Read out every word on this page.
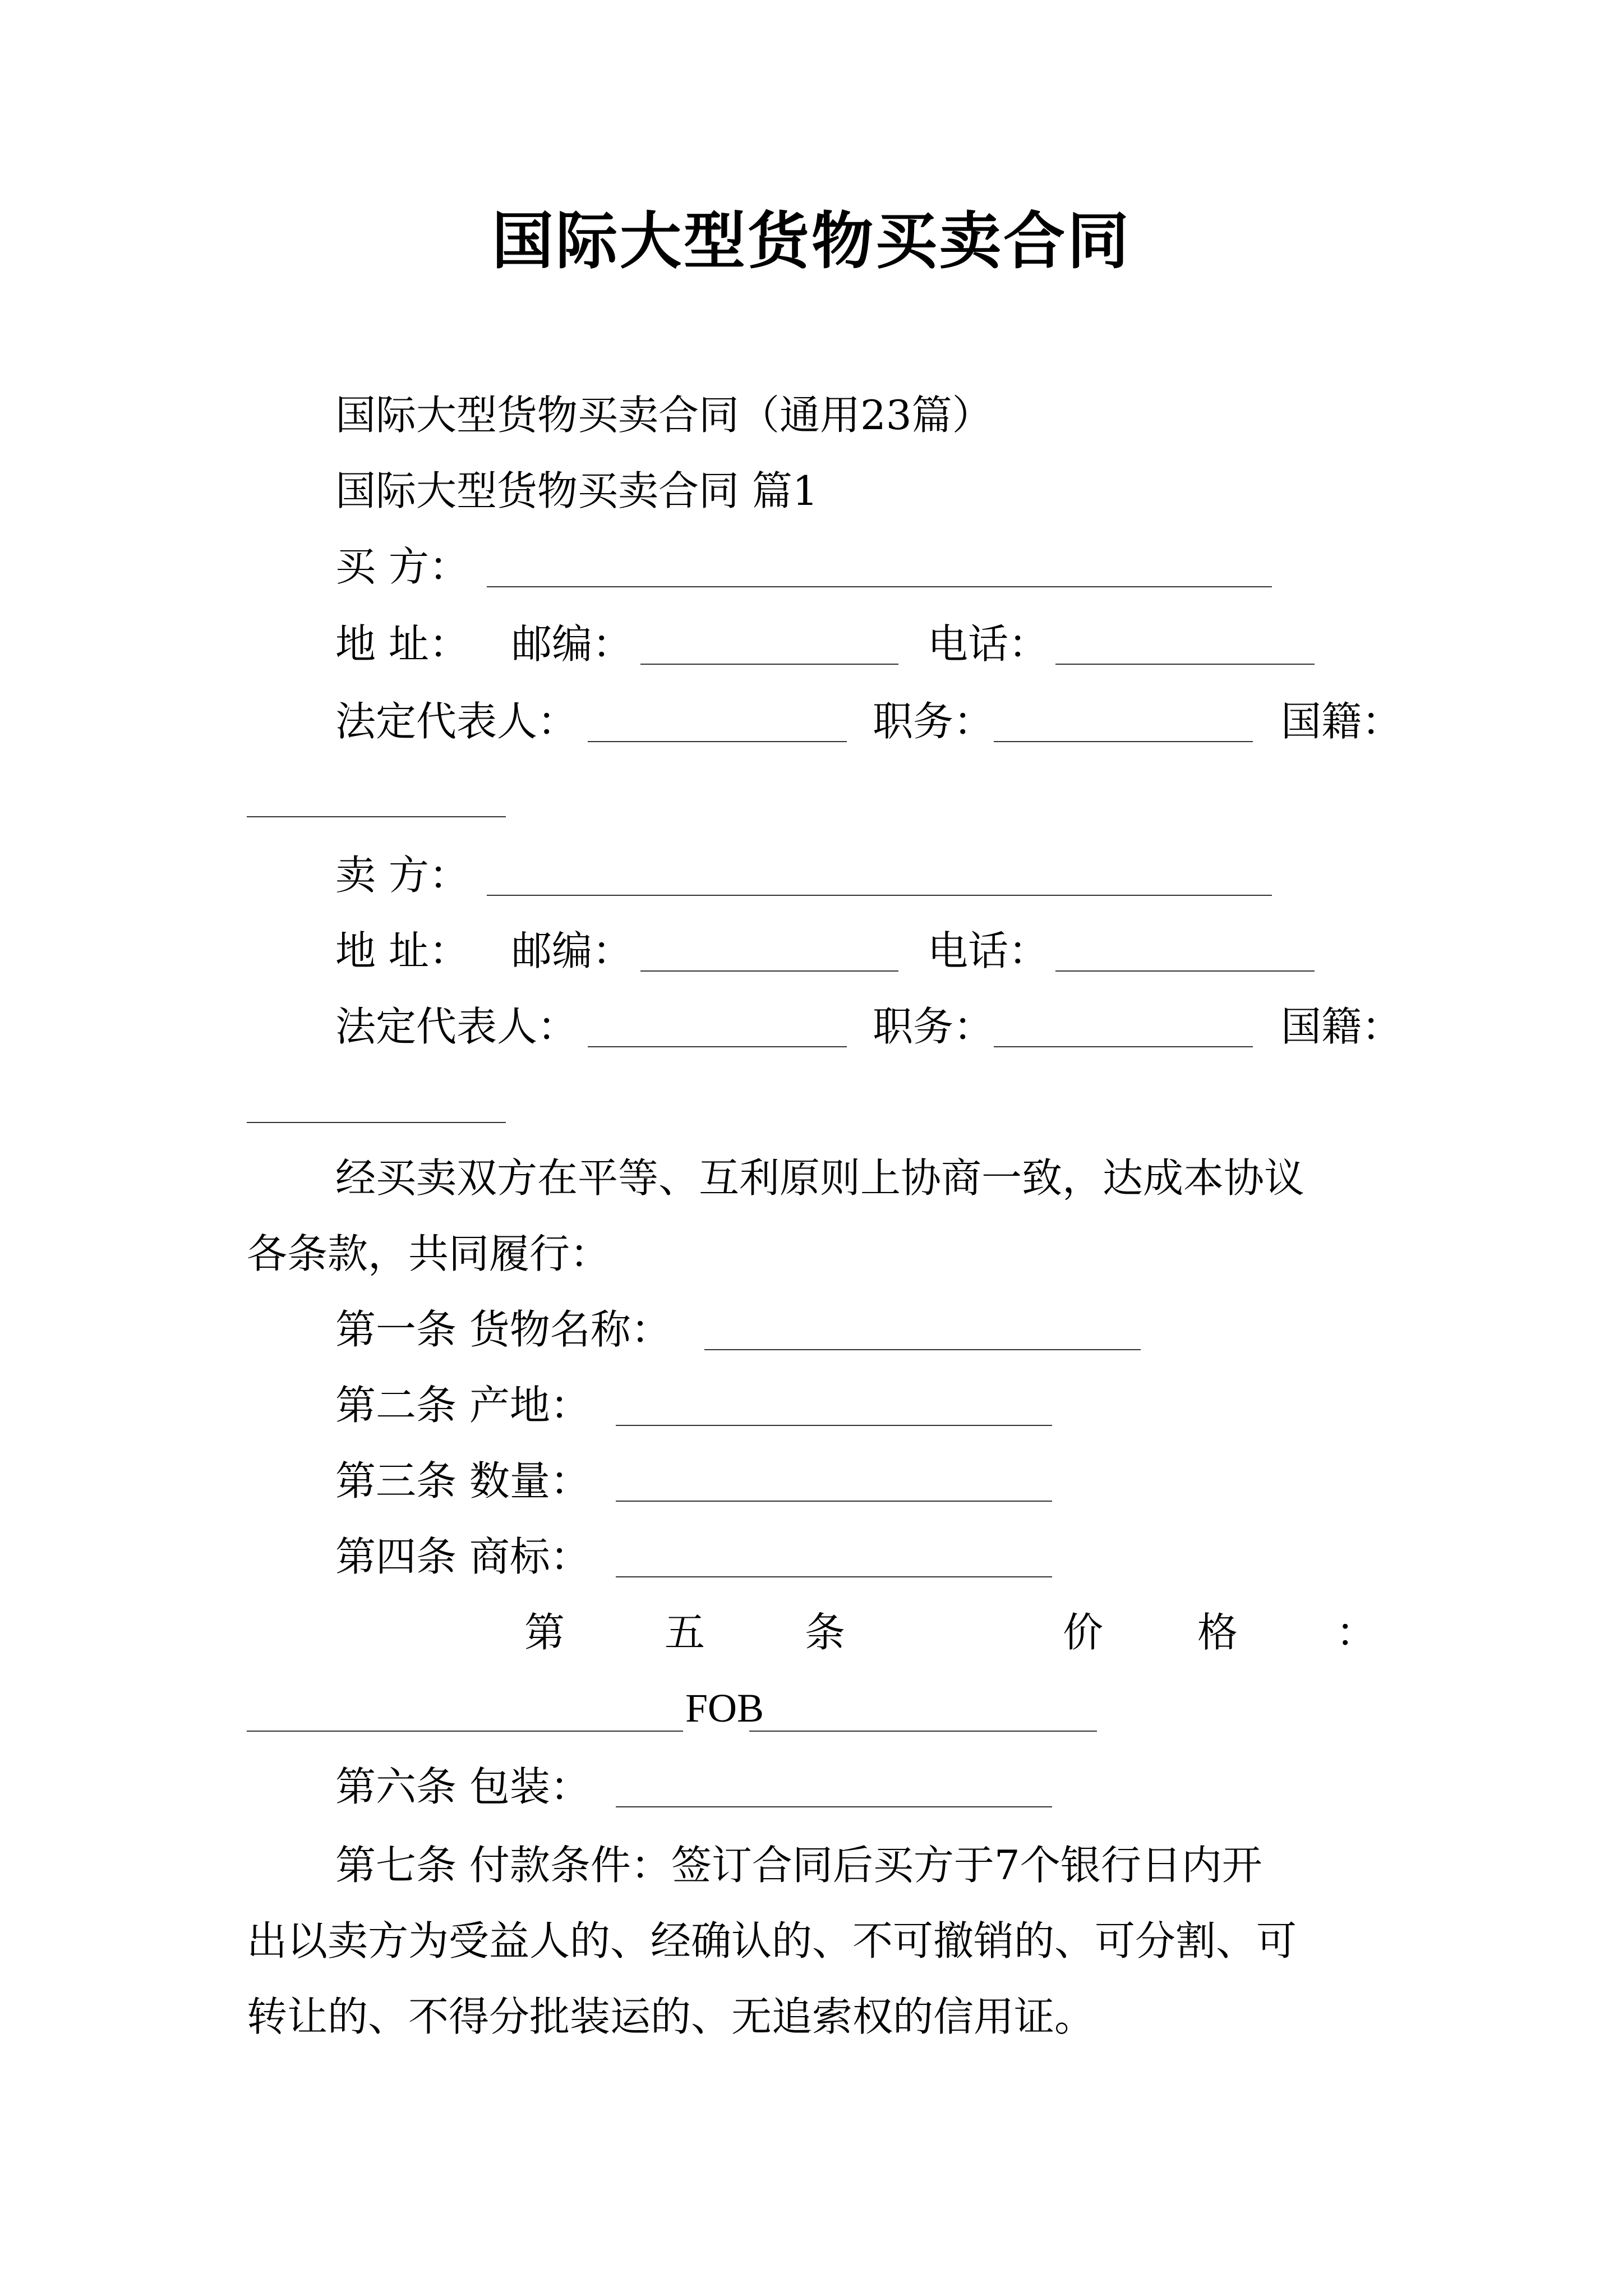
国际大型货物买卖合同
国际大型货物买卖合同（通用23篇）
国际大型货物买卖合同 篇1
买 方：
地 址： 邮编：	电话：
法定代表人：	职务：	国籍：
卖 方：
地 址： 邮编：	电话：
法定代表人：	职务：	国籍：
经买卖双方在平等、互利原则上协商一致，达成本协议
各条款，共同履行：
第一条 货物名称：
第二条 产地：
第三条 数量：
第四条 商标：
第 五 条	价 格 ：
FOB
第六条 包装：
第七条 付款条件：签订合同后买方于7个银行日内开
出以卖方为受益人的、经确认的、不可撤销的、可分割、可
转让的、不得分批装运的、无追索权的信用证。
